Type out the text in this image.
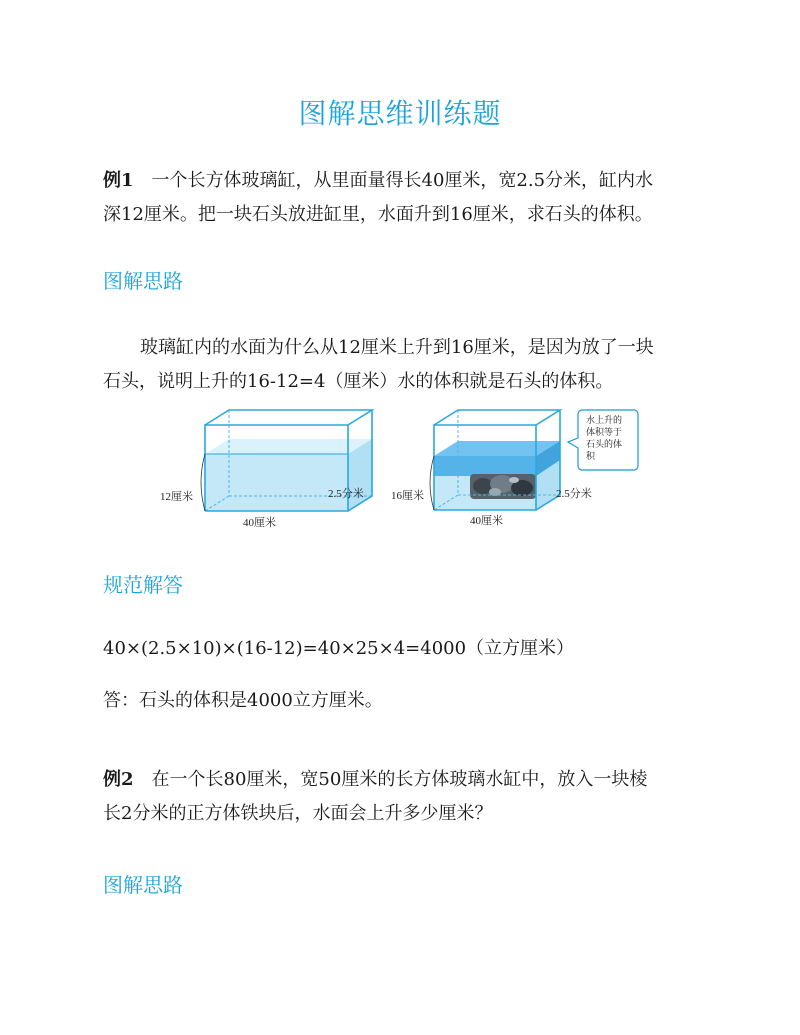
图解思维训练题
例1 一个长方体玻璃缸，从里面量得长40厘米，宽2.5分米，缸内水
深12厘米。把一块石头放进缸里，水面升到16厘米，求石头的体积。
图解思路
玻璃缸内的水面为什么从12厘米上升到16厘米，是因为放了一块
石头，说明上升的16-12=4（厘米）水的体积就是石头的体积。
12厘米	2.5分米
40厘米
16厘米	2.5分米
40厘米
水上升的
体积等于
石头的体
积
规范解答
40×(2.5×10)×(16-12)=40×25×4=4000（立方厘米）
答：石头的体积是4000立方厘米。
例2 在一个长80厘米，宽50厘米的长方体玻璃水缸中，放入一块棱
长2分米的正方体铁块后，水面会上升多少厘米？
图解思路
